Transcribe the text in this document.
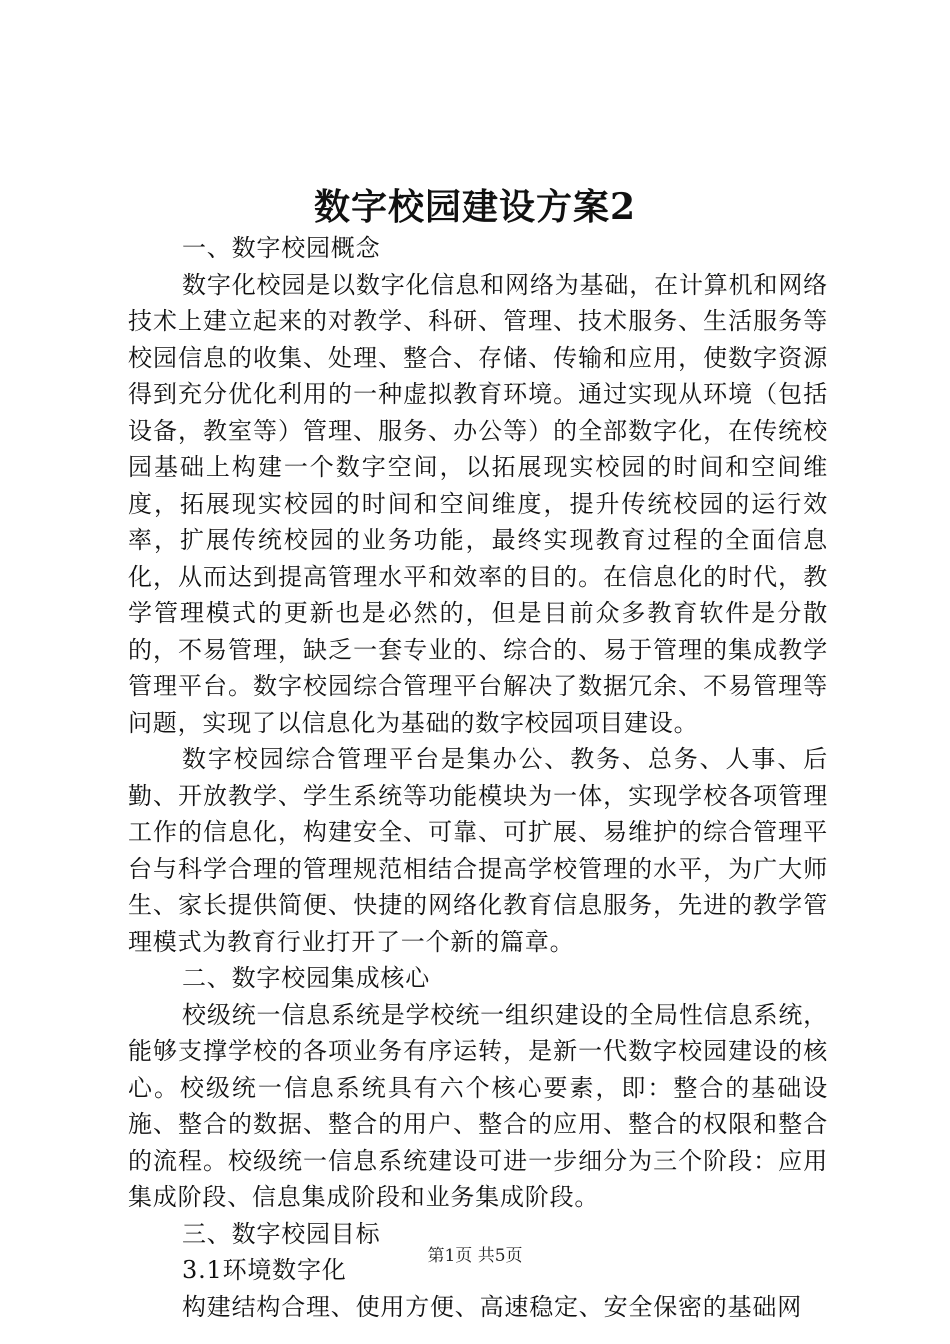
数字校园建设方案2

一、数字校园概念

数字化校园是以数字化信息和网络为基础，在计算机和网络技术上建立起来的对教学、科研、管理、技术服务、生活服务等校园信息的收集、处理、整合、存储、传输和应用，使数字资源得到充分优化利用的一种虚拟教育环境。通过实现从环境（包括设备，教室等）管理、服务、办公等）的全部数字化，在传统校园基础上构建一个数字空间，以拓展现实校园的时间和空间维度，拓展现实校园的时间和空间维度，提升传统校园的运行效率，扩展传统校园的业务功能，最终实现教育过程的全面信息化，从而达到提高管理水平和效率的目的。在信息化的时代，教学管理模式的更新也是必然的，但是目前众多教育软件是分散的，不易管理，缺乏一套专业的、综合的、易于管理的集成教学管理平台。数字校园综合管理平台解决了数据冗余、不易管理等问题，实现了以信息化为基础的数字校园项目建设。

数字校园综合管理平台是集办公、教务、总务、人事、后勤、开放教学、学生系统等功能模块为一体，实现学校各项管理工作的信息化，构建安全、可靠、可扩展、易维护的综合管理平台与科学合理的管理规范相结合提高学校管理的水平，为广大师生、家长提供简便、快捷的网络化教育信息服务，先进的教学管理模式为教育行业打开了一个新的篇章。

二、数字校园集成核心

校级统一信息系统是学校统一组织建设的全局性信息系统，能够支撑学校的各项业务有序运转，是新一代数字校园建设的核心。校级统一信息系统具有六个核心要素，即：整合的基础设施、整合的数据、整合的用户、整合的应用、整合的权限和整合的流程。校级统一信息系统建设可进一步细分为三个阶段：应用集成阶段、信息集成阶段和业务集成阶段。

三、数字校园目标

3.1环境数字化

构建结构合理、使用方便、高速稳定、安全保密的基础网

第1页 共5页
